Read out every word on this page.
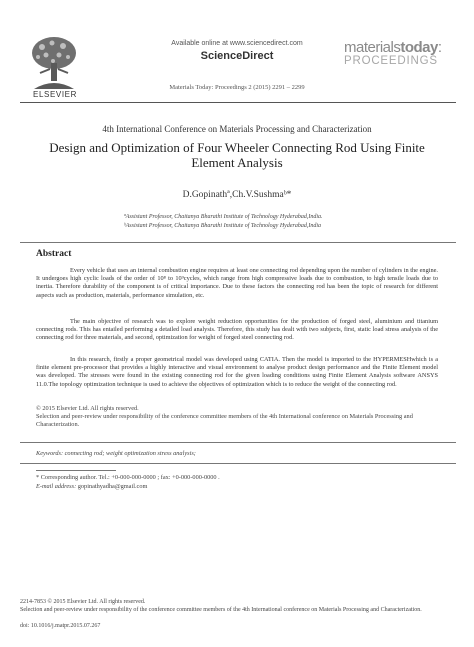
ELSEVIER
Available online at www.sciencedirect.com
ScienceDirect
Materials Today: Proceedings 2 (2015) 2291 – 2299
materialstoday:
PROCEEDINGS
4th International Conference on Materials Processing and Characterization
Design and Optimization of Four Wheeler Connecting Rod Using Finite Element Analysis
D.Gopinathª,Ch.V.Sushmaᵇ*
ªAssistant Professor, Chaitanya Bharathi Institute of Technology Hyderabad,India.
ᵇAssistant Professor, Chaitanya Bharathi Institute of Technology Hyderabad,India
Abstract
Every vehicle that uses an internal combustion engine requires at least one connecting rod depending upon the number of cylinders in the engine. It undergoes high cyclic loads of the order of 10⁸ to 10⁹cycles, which range from high compressive loads due to combustion, to high tensile loads due to inertia. Therefore durability of the component is of critical importance. Due to these factors the connecting rod has been the topic of research for different aspects such as production, materials, performance simulation, etc.
The main objective of research was to explore weight reduction opportunities for the production of forged steel, aluminium and titanium connecting rods. This has entailed performing a detailed load analysis. Therefore, this study has dealt with two subjects, first, static load stress analysis of the connecting rod for three materials, and second, optimization for weight of forged steel connecting rod.
In this research, firstly a proper geometrical model was developed using CATIA. Then the model is imported to the HYPERMESHwhich is a finite element pre-processor that provides a highly interactive and visual environment to analyse product design performance and the Finite Element model was developed. The stresses were found in the existing connecting rod for the given loading conditions using Finite Element Analysis software ANSYS 11.0.The topology optimization technique is used to achieve the objectives of optimization which is to reduce the weight of the connecting rod.
© 2015 Elsevier Ltd. All rights reserved.
Selection and peer-review under responsibility of the conference committee members of the 4th International conference on Materials Processing and Characterization.
Keywords: connecting rod; weight optimization stress analysis;
* Corresponding author. Tel.: +0-000-000-0000 ; fax: +0-000-000-0000 .
E-mail address: gopinathyadha@gmail.com
2214-7853 © 2015 Elsevier Ltd. All rights reserved.
Selection and peer-review under responsibility of the conference committee members of the 4th International conference on Materials Processing and Characterization.
doi: 10.1016/j.matpr.2015.07.267
